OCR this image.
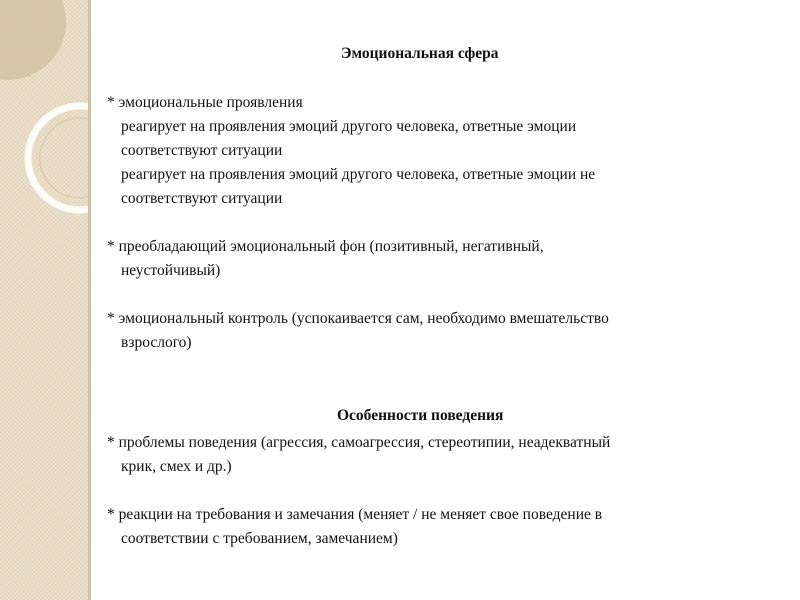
Эмоциональная сфера
* эмоциональные проявления
реагирует на проявления эмоций другого человека, ответные эмоции
соответствуют ситуации
реагирует на проявления эмоций другого человека, ответные эмоции не
соответствуют ситуации
* преобладающий эмоциональный фон (позитивный, негативный,
неустойчивый)
* эмоциональный контроль (успокаивается сам, необходимо вмешательство
взрослого)
Особенности поведения
* проблемы поведения (агрессия, самоагрессия, стереотипии, неадекватный
крик, смех и др.)
* реакции на требования и замечания (меняет / не меняет свое поведение в
соответствии с требованием, замечанием)
